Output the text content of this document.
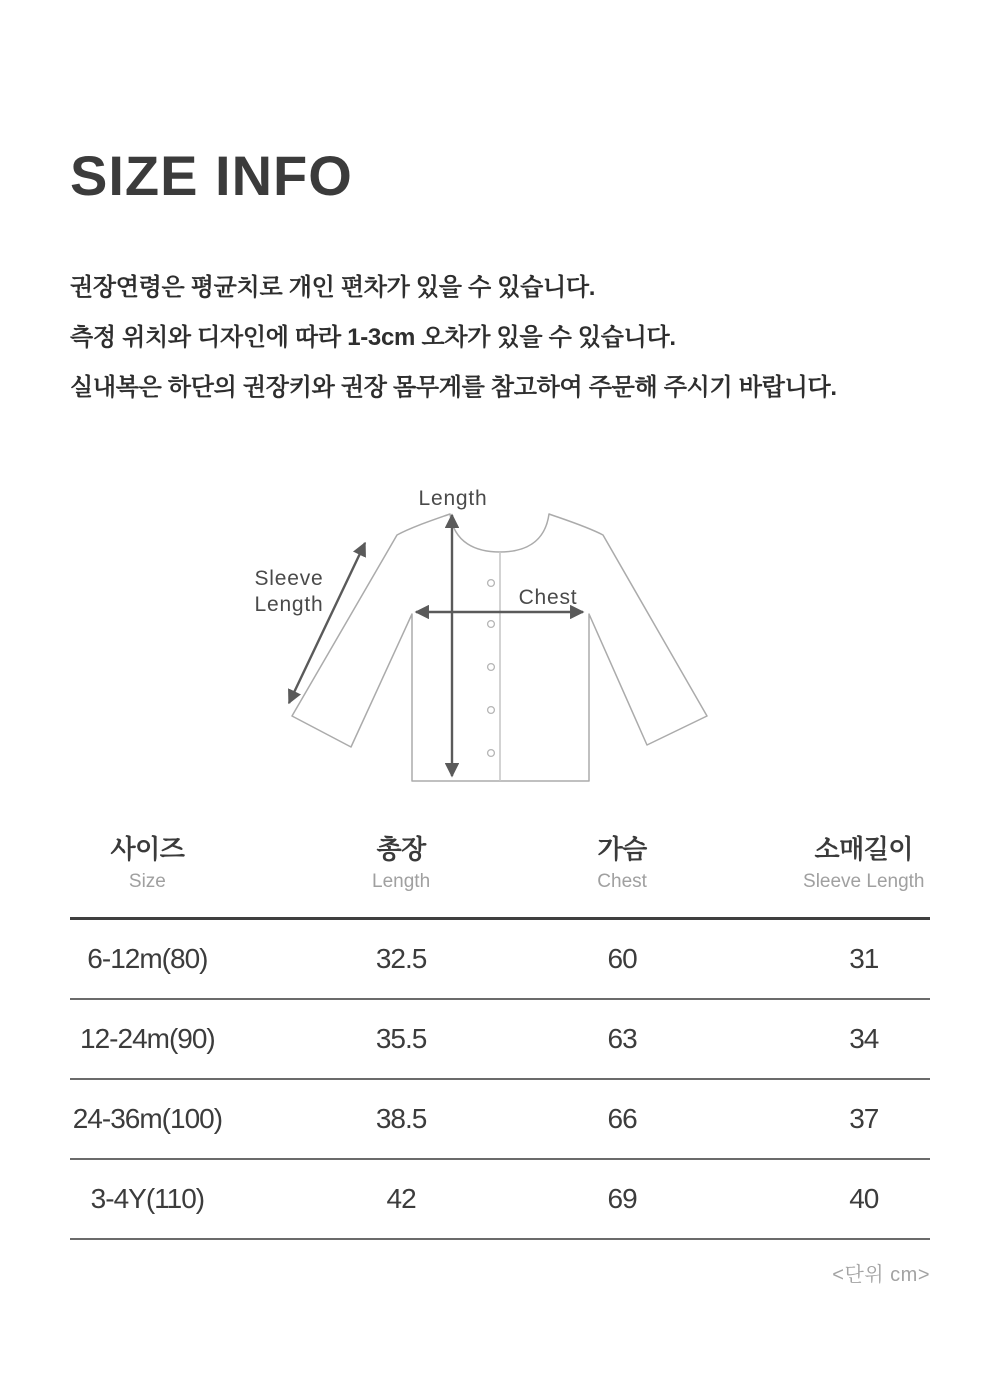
SIZE INFO

권장연령은 평균치로 개인 편차가 있을 수 있습니다.

측정 위치와 디자인에 따라 1-3cm 오차가 있을 수 있습니다.

실내복은 하단의 권장키와 권장 몸무게를 참고하여 주문해 주시기 바랍니다.

Length
Chest
Sleeve
Length
사이즈
Size
총장
Length
가슴
Chest
소매길이
Sleeve Length
6-12m(80)	32.5	60	31
12-24m(90)	35.5	63	34
24-36m(100)	38.5	66	37
3-4Y(110)	42	69	40
<단위 cm>
